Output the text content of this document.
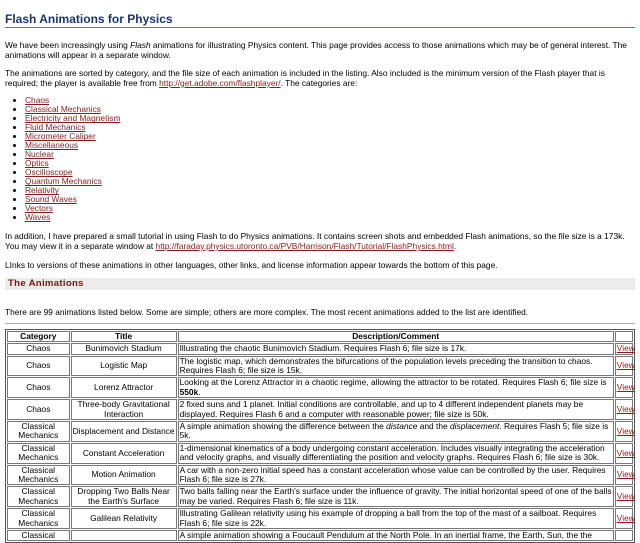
Flash Animations for Physics

We have been increasingly using Flash animations for illustrating Physics content. This page provides access to those animations which may be of general interest. The animations will appear in a separate window.

The animations are sorted by category, and the file size of each animation is included in the listing. Also included is the minimum version of the Flash player that is required; the player is available free from http://get.adobe.com/flashplayer/. The categories are:

• Chaos
• Classical Mechanics
• Electricity and Magnetism
• Fluid Mechanics
• Micrometer Caliper
• Miscellaneous
• Nuclear
• Optics
• Oscilloscope
• Quantum Mechanics
• Relativity
• Sound Waves
• Vectors
• Waves

In addition, I have prepared a small tutorial in using Flash to do Physics animations. It contains screen shots and embedded Flash animations, so the file size is a 173k. You may view it in a separate window at http://faraday.physics.utoronto.ca/PVB/Harrison/Flash/Tutorial/FlashPhysics.html.

LInks to versions of these animations in other languages, other links, and license information appear towards the bottom of this page.

The Animations

There are 99 animations listed below. Some are simple; others are more complex. The most recent animations added to the list are identified.

Category	Title	Description/Comment	
Chaos	Bunimovich Stadium	Illustrating the chaotic Bunimovich Stadium. Requires Flash 6; file size is 17k.	View
Chaos	Logistic Map	The logistic map, which demonstrates the bifurcations of the population levels preceding the transition to chaos. Requires Flash 6; file size is 15k.	View
Chaos	Lorenz Attractor	Looking at the Lorenz Attractor in a chaotic regime, allowing the attractor to be rotated. Requires Flash 6; file size is 550k.	View
Chaos	Three-body Gravitational Interaction	2 fixed suns and 1 planet. Initial conditions are controllable, and up to 4 different independent planets may be displayed. Requires Flash 6 and a computer with reasonable power; file size is 50k.	View
Classical Mechanics	Displacement and Distance	A simple animation showing the difference between the distance and the displacement. Requires Flash 5; file size is 5k.	View
Classical Mechanics	Constant Acceleration	1-dimensional kinematics of a body undergoing constant acceleration. Includes visually integrating the acceleration and velocity graphs, and visually differentiating the position and velocity graphs. Requires Flash 6; file size is 30k.	View
Classical Mechanics	Motion Animation	A car with a non-zero initial speed has a constant acceleration whose value can be controlled by the user. Requires Flash 6; file size is 27k.	View
Classical Mechanics	Dropping Two Balls Near the Earth's Surface	Two balls falling near the Earth's surface under the influence of gravity. The initial horizontal speed of one of the balls may be varied. Requires Flash 6; file size is 11k.	View
Classical Mechanics	Galilean Relativity	Illustrating Galilean relativity using his example of dropping a ball from the top of the mast of a sailboat. Requires Flash 6; file size is 22k.	View
Classical		A simple animation showing a Foucault Pendulum at the North Pole. In an inertial frame, the Earth, Sun, the the	
